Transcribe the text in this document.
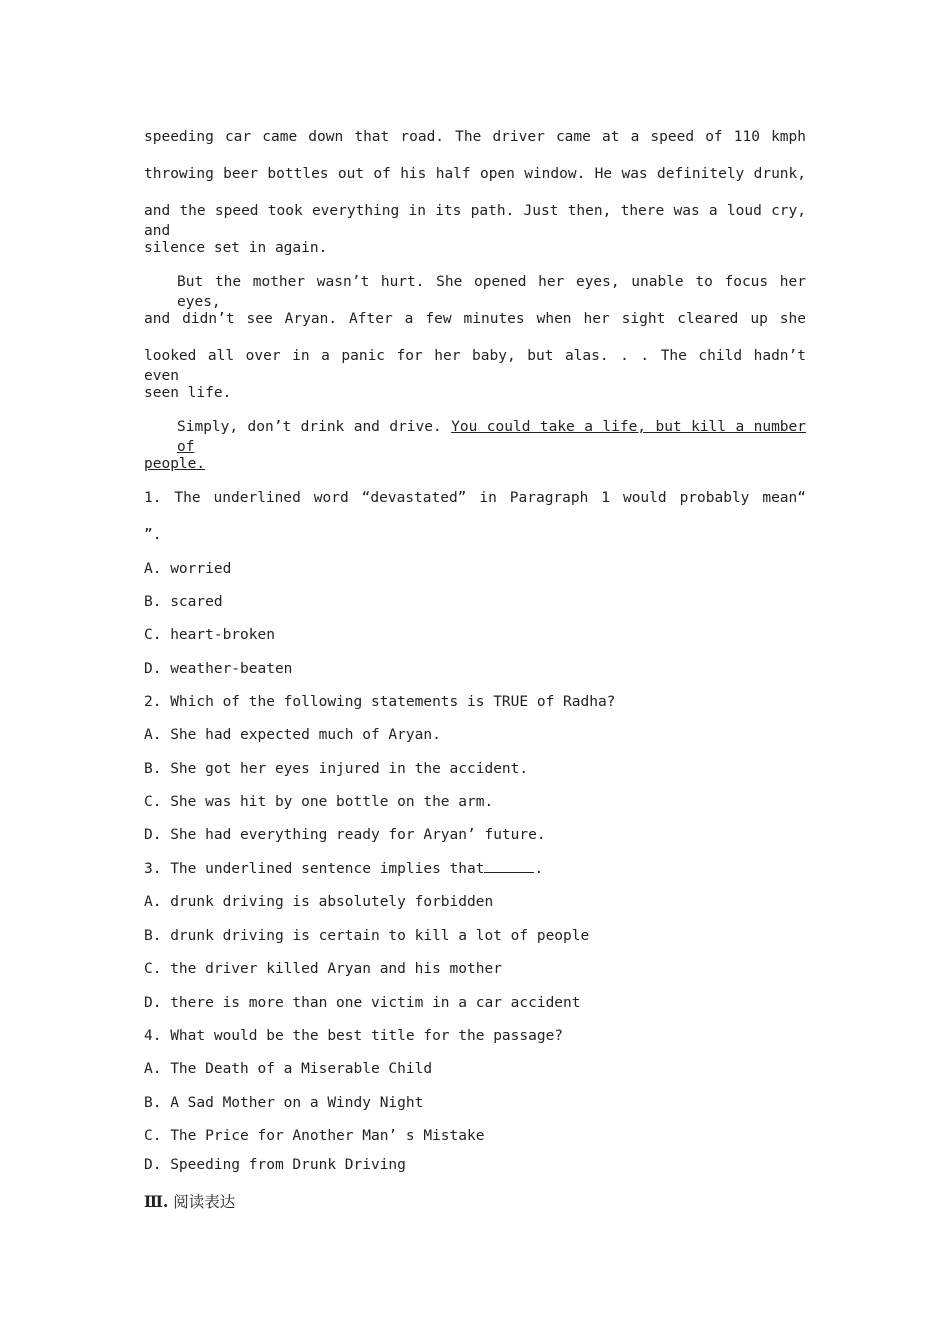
speeding car came down that road. The driver came at a speed of 110 kmph
throwing beer bottles out of his half open window. He was definitely drunk,
and the speed took everything in its path. Just then, there was a loud cry, and
silence set in again.
But the mother wasn’t hurt. She opened her eyes, unable to focus her eyes,
and didn’t see Aryan. After a few minutes when her sight cleared up she
looked all over in a panic for her baby, but alas. . . The child hadn’t even
seen life.
Simply, don’t drink and drive. You could take a life, but kill a number of
people.
1. The underlined word “devastated” in Paragraph 1 would probably mean“
”.
A. worried
B. scared
C. heart-broken
D. weather-beaten
2. Which of the following statements is TRUE of Radha?
A. She had expected much of Aryan.
B. She got her eyes injured in the accident.
C. She was hit by one bottle on the arm.
D. She had everything ready for Aryan’ future.
3. The underlined sentence implies that	.
A. drunk driving is absolutely forbidden
B. drunk driving is certain to kill a lot of people
C. the driver killed Aryan and his mother
D. there is more than one victim in a car accident
4. What would be the best title for the passage?
A. The Death of a Miserable Child
B. A Sad Mother on a Windy Night
C. The Price for Another Man’ s Mistake
D. Speeding from Drunk Driving
Ⅲ. 阅读表达
